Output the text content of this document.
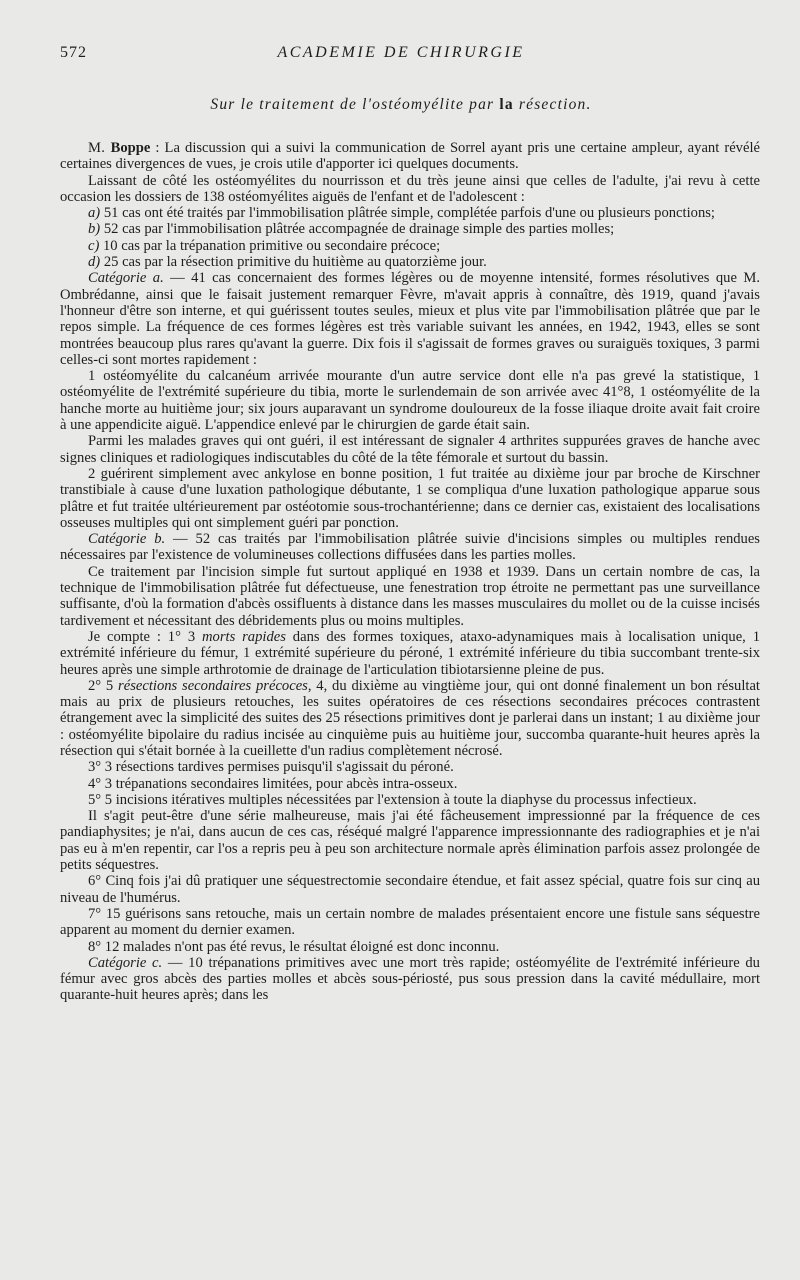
572	ACADEMIE DE CHIRURGIE
Sur le traitement de l'ostéomyélite par la résection.

M. Boppe : La discussion qui a suivi la communication de Sorrel ayant pris une certaine ampleur, ayant révélé certaines divergences de vues, je crois utile d'apporter ici quelques documents.

Laissant de côté les ostéomyélites du nourrisson et du très jeune ainsi que celles de l'adulte, j'ai revu à cette occasion les dossiers de 138 ostéomyélites aiguës de l'enfant et de l'adolescent :

a) 51 cas ont été traités par l'immobilisation plâtrée simple, complétée parfois d'une ou plusieurs ponctions;

b) 52 cas par l'immobilisation plâtrée accompagnée de drainage simple des parties molles;

c) 10 cas par la trépanation primitive ou secondaire précoce;

d) 25 cas par la résection primitive du huitième au quatorzième jour.

Catégorie a. — 41 cas concernaient des formes légères ou de moyenne intensité, formes résolutives que M. Ombrédanne, ainsi que le faisait justement remarquer Fèvre, m'avait appris à connaître, dès 1919, quand j'avais l'honneur d'être son interne, et qui guérissent toutes seules, mieux et plus vite par l'immobilisation plâtrée que par le repos simple. La fréquence de ces formes légères est très variable suivant les années, en 1942, 1943, elles se sont montrées beaucoup plus rares qu'avant la guerre. Dix fois il s'agissait de formes graves ou suraiguës toxiques, 3 parmi celles-ci sont mortes rapidement :

1 ostéomyélite du calcanéum arrivée mourante d'un autre service dont elle n'a pas grevé la statistique, 1 ostéomyélite de l'extrémité supérieure du tibia, morte le surlendemain de son arrivée avec 41°8, 1 ostéomyélite de la hanche morte au huitième jour; six jours auparavant un syndrome douloureux de la fosse iliaque droite avait fait croire à une appendicite aiguë. L'appendice enlevé par le chirurgien de garde était sain.

Parmi les malades graves qui ont guéri, il est intéressant de signaler 4 arthrites suppurées graves de hanche avec signes cliniques et radiologiques indiscutables du côté de la tête fémorale et surtout du bassin.

2 guérirent simplement avec ankylose en bonne position, 1 fut traitée au dixième jour par broche de Kirschner transtibiale à cause d'une luxation pathologique débutante, 1 se compliqua d'une luxation pathologique apparue sous plâtre et fut traitée ultérieurement par ostéotomie sous-trochantérienne; dans ce dernier cas, existaient des localisations osseuses multiples qui ont simplement guéri par ponction.

Catégorie b. — 52 cas traités par l'immobilisation plâtrée suivie d'incisions simples ou multiples rendues nécessaires par l'existence de volumineuses collections diffusées dans les parties molles.

Ce traitement par l'incision simple fut surtout appliqué en 1938 et 1939. Dans un certain nombre de cas, la technique de l'immobilisation plâtrée fut défectueuse, une fenestration trop étroite ne permettant pas une surveillance suffisante, d'où la formation d'abcès ossifluents à distance dans les masses musculaires du mollet ou de la cuisse incisés tardivement et nécessitant des débridements plus ou moins multiples.

Je compte : 1° 3 morts rapides dans des formes toxiques, ataxo-adynamiques mais à localisation unique, 1 extrémité inférieure du fémur, 1 extrémité supérieure du péroné, 1 extrémité inférieure du tibia succombant trente-six heures après une simple arthrotomie de drainage de l'articulation tibiotarsienne pleine de pus.

2° 5 résections secondaires précoces, 4, du dixième au vingtième jour, qui ont donné finalement un bon résultat mais au prix de plusieurs retouches, les suites opératoires de ces résections secondaires précoces contrastent étrangement avec la simplicité des suites des 25 résections primitives dont je parlerai dans un instant; 1 au dixième jour : ostéomyélite bipolaire du radius incisée au cinquième puis au huitième jour, succomba quarante-huit heures après la résection qui s'était bornée à la cueillette d'un radius complètement nécrosé.

3° 3 résections tardives permises puisqu'il s'agissait du péroné.

4° 3 trépanations secondaires limitées, pour abcès intra-osseux.

5° 5 incisions itératives multiples nécessitées par l'extension à toute la diaphyse du processus infectieux.

Il s'agit peut-être d'une série malheureuse, mais j'ai été fâcheusement impressionné par la fréquence de ces pandiaphysites; je n'ai, dans aucun de ces cas, réséqué malgré l'apparence impressionnante des radiographies et je n'ai pas eu à m'en repentir, car l'os a repris peu à peu son architecture normale après élimination parfois assez prolongée de petits séquestres.

6° Cinq fois j'ai dû pratiquer une séquestrectomie secondaire étendue, et fait assez spécial, quatre fois sur cinq au niveau de l'humérus.

7° 15 guérisons sans retouche, mais un certain nombre de malades présentaient encore une fistule sans séquestre apparent au moment du dernier examen.

8° 12 malades n'ont pas été revus, le résultat éloigné est donc inconnu.

Catégorie c. — 10 trépanations primitives avec une mort très rapide; ostéomyélite de l'extrémité inférieure du fémur avec gros abcès des parties molles et abcès sous-périosté, pus sous pression dans la cavité médullaire, mort quarante-huit heures après; dans les
